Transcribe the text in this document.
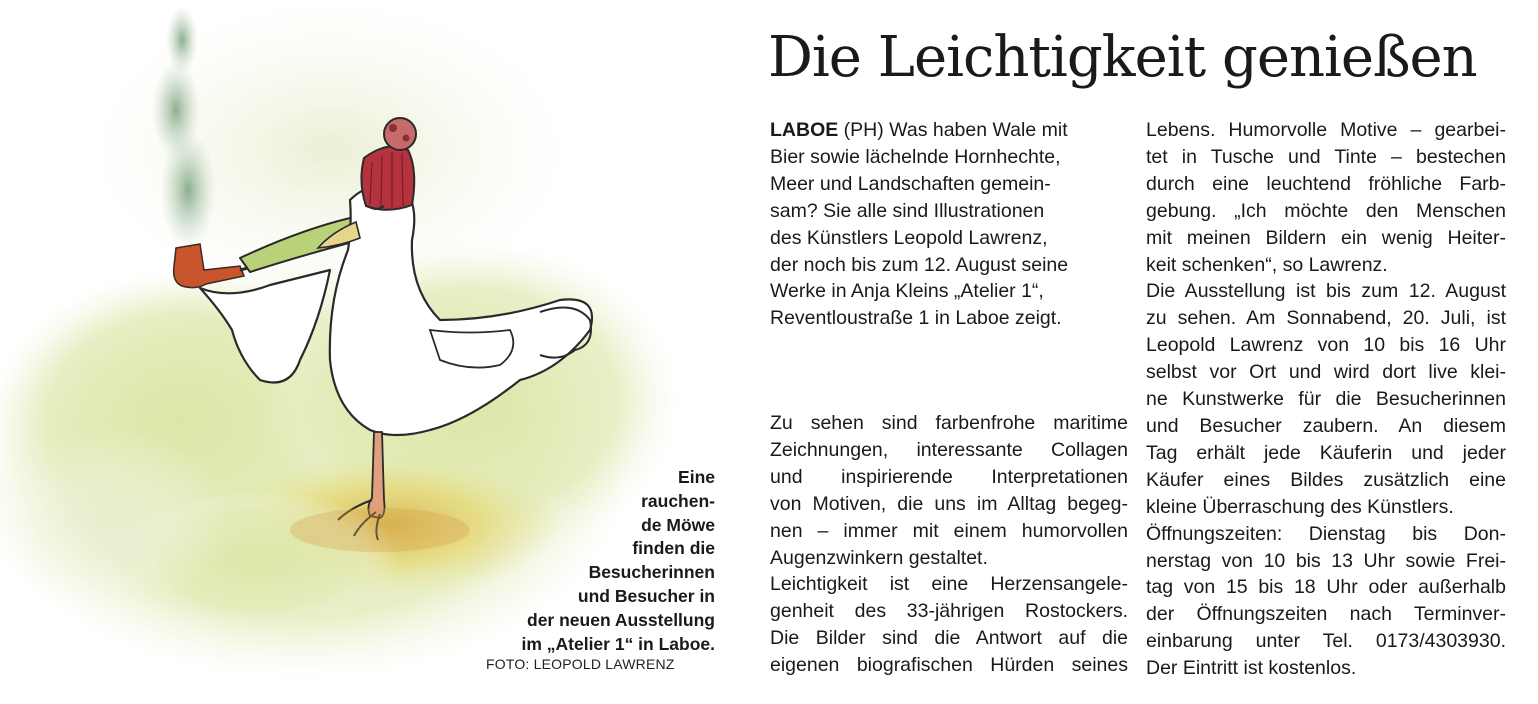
Eine
rauchen-
de Möwe
finden die
Besucherinnen
und Besucher in
der neuen Ausstellung
im „Atelier 1“ in Laboe.
FOTO: LEOPOLD LAWRENZ
Die Leichtigkeit genießen
LABOE (PH) Was haben Wale mit
Bier sowie lächelnde Hornhechte,
Meer und Landschaften gemein-
sam? Sie alle sind Illustrationen
des Künstlers Leopold Lawrenz,
der noch bis zum 12. August seine
Werke in Anja Kleins „Atelier 1“,
Reventloustraße 1 in Laboe zeigt.
Zu sehen sind farbenfrohe maritime
Zeichnungen, interessante Collagen
und inspirierende Interpretationen
von Motiven, die uns im Alltag begeg-
nen – immer mit einem humorvollen
Augenzwinkern gestaltet.
Leichtigkeit ist eine Herzensangele-
genheit des 33-jährigen Rostockers.
Die Bilder sind die Antwort auf die
eigenen biografischen Hürden seines
Lebens. Humorvolle Motive – gearbei-
tet in Tusche und Tinte – bestechen
durch eine leuchtend fröhliche Farb-
gebung. „Ich möchte den Menschen
mit meinen Bildern ein wenig Heiter-
keit schenken“, so Lawrenz.
Die Ausstellung ist bis zum 12. August
zu sehen. Am Sonnabend, 20. Juli, ist
Leopold Lawrenz von 10 bis 16 Uhr
selbst vor Ort und wird dort live klei-
ne Kunstwerke für die Besucherinnen
und Besucher zaubern. An diesem
Tag erhält jede Käuferin und jeder
Käufer eines Bildes zusätzlich eine
kleine Überraschung des Künstlers.
Öffnungszeiten: Dienstag bis Don-
nerstag von 10 bis 13 Uhr sowie Frei-
tag von 15 bis 18 Uhr oder außerhalb
der Öffnungszeiten nach Terminver-
einbarung unter Tel. 0173/4303930.
Der Eintritt ist kostenlos.
